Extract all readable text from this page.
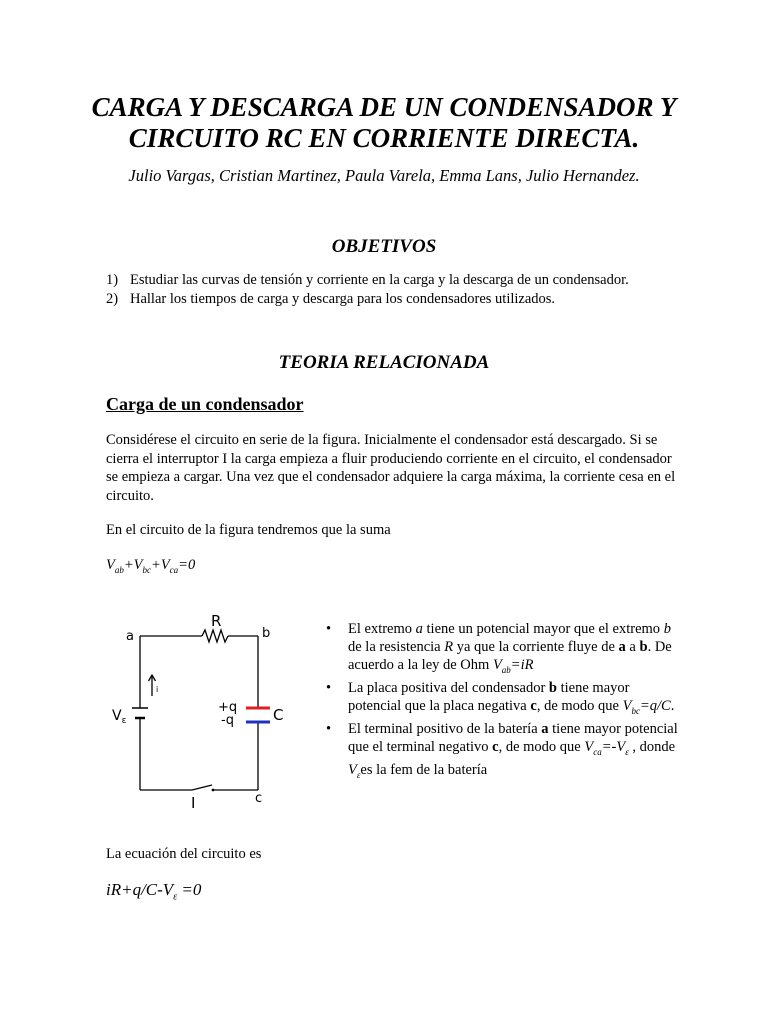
CARGA Y DESCARGA DE UN CONDENSADOR Y
CIRCUITO RC EN CORRIENTE DIRECTA.
Julio Vargas, Cristian Martinez, Paula Varela, Emma Lans, Julio Hernandez.
OBJETIVOS
1) Estudiar las curvas de tensión y corriente en la carga y la descarga de un condensador.
2) Hallar los tiempos de carga y descarga para los condensadores utilizados.
TEORIA RELACIONADA
Carga de un condensador
Considérese el circuito en serie de la figura. Inicialmente el condensador está descargado. Si se cierra el interruptor I la carga empieza a fluir produciendo corriente en el circuito, el condensador se empieza a cargar. Una vez que el condensador adquiere la carga máxima, la corriente cesa en el circuito.
En el circuito de la figura tendremos que la suma
$V_{ab}+V_{bc}+V_{ca}=0$
R
a	b
c
C
I
i
+q
-q
$V_\varepsilon$
• El extremo a tiene un potencial mayor que el extremo b de la resistencia R ya que la corriente fluye de a a b. De acuerdo a la ley de Ohm $V_{ab}=iR$
• La placa positiva del condensador b tiene mayor potencial que la placa negativa c, de modo que $V_{bc}=q/C$.
• El terminal positivo de la batería a tiene mayor potencial que el terminal negativo c, de modo que $V_{ca}=-V_\varepsilon$ , donde $V_\varepsilon es$ la fem de la batería
La ecuación del circuito es
$iR+q/C-V_\varepsilon =0$
